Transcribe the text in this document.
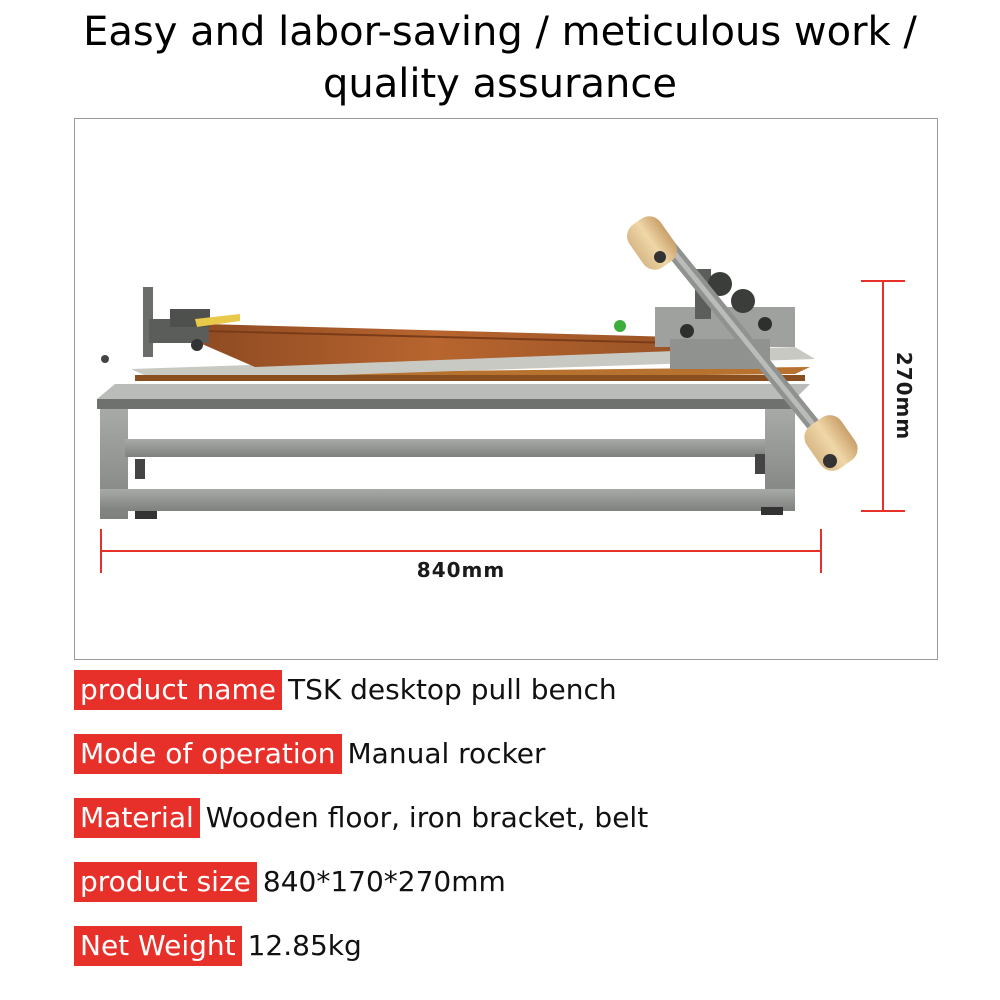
Easy and labor-saving / meticulous work /
quality assurance
840mm
270mm
product name TSK desktop pull bench
Mode of operation Manual rocker
Material Wooden floor, iron bracket, belt
product size 840*170*270mm
Net Weight 12.85kg
